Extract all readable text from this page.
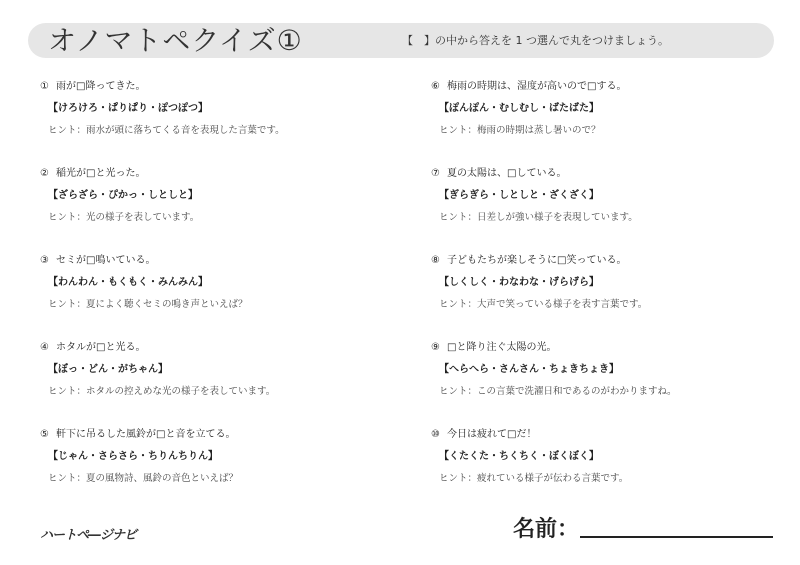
オノマトペクイズ①	【　】の中から答えを 1 つ選んで丸をつけましょう。
① 雨が□降ってきた。
【けろけろ・ぱりぱり・ぽつぽつ】
ヒント：雨水が頭に落ちてくる音を表現した言葉です。
② 稲光が□と光った。
【ざらざら・ぴかっ・しとしと】
ヒント：光の様子を表しています。
③ セミが□鳴いている。
【わんわん・もくもく・みんみん】
ヒント：夏によく聴くセミの鳴き声といえば？
④ ホタルが□と光る。
【ぼっ・どん・がちゃん】
ヒント：ホタルの控えめな光の様子を表しています。
⑤ 軒下に吊るした風鈴が□と音を立てる。
【じゃん・さらさら・ちりんちりん】
ヒント：夏の風物詩、風鈴の音色といえば？
⑥ 梅雨の時期は、湿度が高いので□する。
【ぽんぽん・むしむし・ばたばた】
ヒント：梅雨の時期は蒸し暑いので？
⑦ 夏の太陽は、□している。
【ぎらぎら・しとしと・ざくざく】
ヒント：日差しが強い様子を表現しています。
⑧ 子どもたちが楽しそうに□笑っている。
【しくしく・わなわな・げらげら】
ヒント：大声で笑っている様子を表す言葉です。
⑨ □と降り注ぐ太陽の光。
【へらへら・さんさん・ちょきちょき】
ヒント：この言葉で洗濯日和であるのがわかりますね。
⑩ 今日は疲れて□だ！
【くたくた・ちくちく・ぼくぼく】
ヒント：疲れている様子が伝わる言葉です。
ハートペ―ジナビ	名前：
